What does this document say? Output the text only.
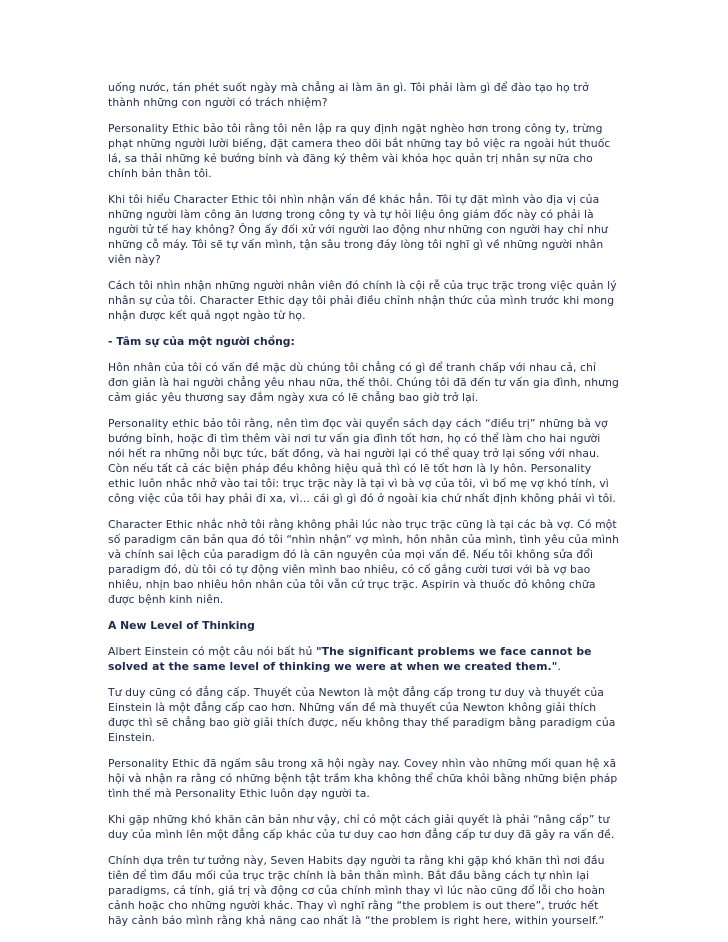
uống nước, tán phét suốt ngày mà chẳng ai làm ăn gì. Tôi phải làm gì để đào tạo họ trở thành những con người có trách nhiệm?

Personality Ethic bảo tôi rằng tôi nên lập ra quy định ngặt nghèo hơn trong công ty, trừng phạt những người lười biếng, đặt camera theo dõi bắt những tay bỏ việc ra ngoài hút thuốc lá, sa thải những kẻ bướng bỉnh và đăng ký thêm vài khóa học quản trị nhân sự nữa cho chính bản thân tôi.

Khi tôi hiểu Character Ethic tôi nhìn nhận vấn đề khác hẳn. Tôi tự đặt mình vào địa vị của những người làm công ăn lương trong công ty và tự hỏi liệu ông giám đốc này có phải là người tử tế hay không? Ông ấy đối xử với người lao động như những con người hay chỉ như những cỗ máy. Tôi sẽ tự vấn mình, tận sâu trong đáy lòng tôi nghĩ gì về những người nhân viên này?

Cách tôi nhìn nhận những người nhân viên đó chính là cội rễ của trục trặc trong việc quản lý nhân sự của tôi. Character Ethic dạy tôi phải điều chỉnh nhận thức của mình trước khi mong nhận được kết quả ngọt ngào từ họ.

- Tâm sự của một người chồng:

Hôn nhân của tôi có vấn đề mặc dù chúng tôi chẳng có gì để tranh chấp với nhau cả, chỉ đơn giản là hai người chẳng yêu nhau nữa, thế thôi. Chúng tôi đã đến tư vấn gia đình, nhưng cảm giác yêu thương say đắm ngày xưa có lẽ chẳng bao giờ trở lại.

Personality ethic bảo tôi rằng, nên tìm đọc vài quyển sách dạy cách “điều trị” những bà vợ bướng bỉnh, hoặc đi tìm thêm vài nơi tư vấn gia đình tốt hơn, họ có thể làm cho hai người nói hết ra những nỗi bực tức, bất đồng, và hai người lại có thể quay trở lại sống với nhau. Còn nếu tất cả các biện pháp đều không hiệu quả thì có lẽ tốt hơn là ly hôn. Personality ethic luôn nhắc nhở vào tai tôi: trục trặc này là tại vì bà vợ của tôi, vì bố mẹ vợ khó tính, vì công việc của tôi hay phải đi xa, vì... cái gì gì đó ở ngoài kia chứ nhất định không phải vì tôi.

Character Ethic nhắc nhở tôi rằng không phải lúc nào trục trặc cũng là tại các bà vợ. Có một số paradigm căn bản qua đó tôi “nhìn nhận” vợ mình, hôn nhân của mình, tình yêu của mình và chính sai lệch của paradigm đó là căn nguyên của mọi vấn đề. Nếu tôi không sửa đổi paradigm đó, dù tôi có tự động viên mình bao nhiêu, có cố gắng cười tươi với bà vợ bao nhiêu, nhịn bao nhiêu hôn nhân của tôi vẫn cứ trục trặc. Aspirin và thuốc đỏ không chữa được bệnh kinh niên.

A New Level of Thinking

Albert Einstein có một câu nói bất hủ "The significant problems we face cannot be solved at the same level of thinking we were at when we created them.".

Tư duy cũng có đẳng cấp. Thuyết của Newton là một đẳng cấp trong tư duy và thuyết của Einstein là một đẳng cấp cao hơn. Những vấn đề mà thuyết của Newton không giải thích được thì sẽ chẳng bao giờ giải thích được, nếu không thay thế paradigm bằng paradigm của Einstein.

Personality Ethic đã ngấm sâu trong xã hội ngày nay. Covey nhìn vào những mối quan hệ xã hội và nhận ra rằng có những bệnh tật trầm kha không thể chữa khỏi bằng những biện pháp tình thế mà Personality Ethic luôn dạy người ta.

Khi gặp những khó khăn căn bản như vậy, chỉ có một cách giải quyết là phải “nâng cấp” tư duy của mình lên một đẳng cấp khác của tư duy cao hơn đẳng cấp tư duy đã gây ra vấn đề.

Chính dựa trên tư tưởng này, Seven Habits dạy người ta rằng khi gặp khó khăn thì nơi đầu tiên để tìm đầu mối của trục trặc chính là bản thân mình. Bắt đầu bằng cách tự nhìn lại paradigms, cá tính, giá trị và động cơ của chính mình thay vì lúc nào cũng đổ lỗi cho hoàn cảnh hoặc cho những người khác. Thay vì nghĩ rằng “the problem is out there”, trước hết hãy cảnh báo mình rằng khả năng cao nhất là “the problem is right here, within yourself.”
